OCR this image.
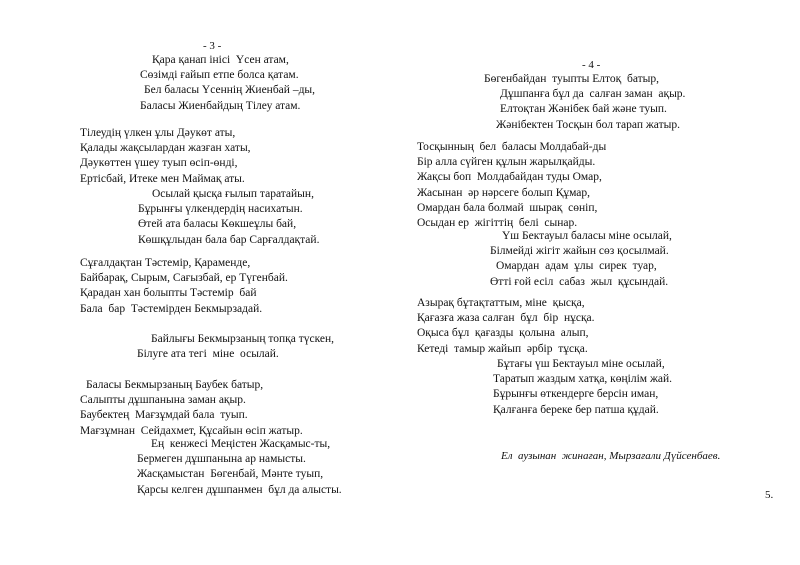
- 3 -
Қара қанап інісі  Үсен атам,
Сөзімді ғайып етпе болса қатам.
Бел баласы Үсеннің Жиенбай –ды,
Баласы Жиенбайдың Тілеу атам.
Тілеудің үлкен ұлы Дәукөт аты,
Қалады жақсылардан жазған хаты,
Дәукөттен үшеу туып өсіп-өнді,
Ертісбай, Итеке мен Маймақ аты.
Осылай қысқа ғылып таратайын,
Бұрынғы үлкендердің насихатын.
Өтей ата баласы Көкшеұлы бай,
Көшқұлыдан бала бар Сарғалдақтай.
Сұғалдақтан Тәстемір, Қараменде,
Байбарақ, Сырым, Сағызбай, ер Түгенбай.
Қарадан хан болыпты Тәстемір  бай
Бала  бар  Тәстемірден Бекмырзадай.
Байлығы Бекмырзаның топқа түскен,
Білуге ата тегі  міне  осылай.
Баласы Бекмырзаның Баубек батыр,
Салыпты дұшпанына заман ақыр.
Баубектең  Мағзұмдай бала  туып.
Мағзұмнан  Сейдахмет, Құсайын өсіп жатыр.
Ең  кенжесі Меңістен Жасқамыс-ты,
Бермеген дұшпанына ар намысты.
Жасқамыстан  Бөгенбай, Мәнте туып,
Қарсы келген дұшпанмен  бұл да алысты.
- 4 -
Бөгенбайдан  туыпты Елтоқ  батыр,
Дұшпанға бұл да  салған заман  ақыр.
Елтоқтан Жәнібек бай және туып.
Жәнібектен Тосқын бол тарап жатыр.
Тосқынның  бел  баласы Молдабай-ды
Бір алла сүйген құлын жарылқайды.
Жақсы боп  Молдабайдан туды Омар,
Жасынан  әр нәрсеге болып Құмар,
Омардан бала болмай  шырақ  сөніп,
Осыдан ер  жігіттің  белі  сынар.
Үш Бектауыл баласы міне осылай,
Білмейді жігіт жайын сөз қосылмай.
Омардан  адам  ұлы  сирек  туар,
Өтті ғой есіл  сабаз  жыл  құсындай.
Азырақ бұтақтаттым, міне  қысқа,
Қағазға жаза салған  бұл  бір  нұсқа.
Оқыса бұл  қағазды  қолына  алып,
Кетеді  тамыр жайып  әрбір  тұсқа.
Бұтағы үш Бектауыл міне осылай,
Таратып жаздым хатқа, көңілім жай.
Бұрынғы өткендерге берсін иман,
Қалғанға береке бер патша құдай.
Ел  аузынан  жинаған, Мырзағали Дүйсенбаев.
5.
